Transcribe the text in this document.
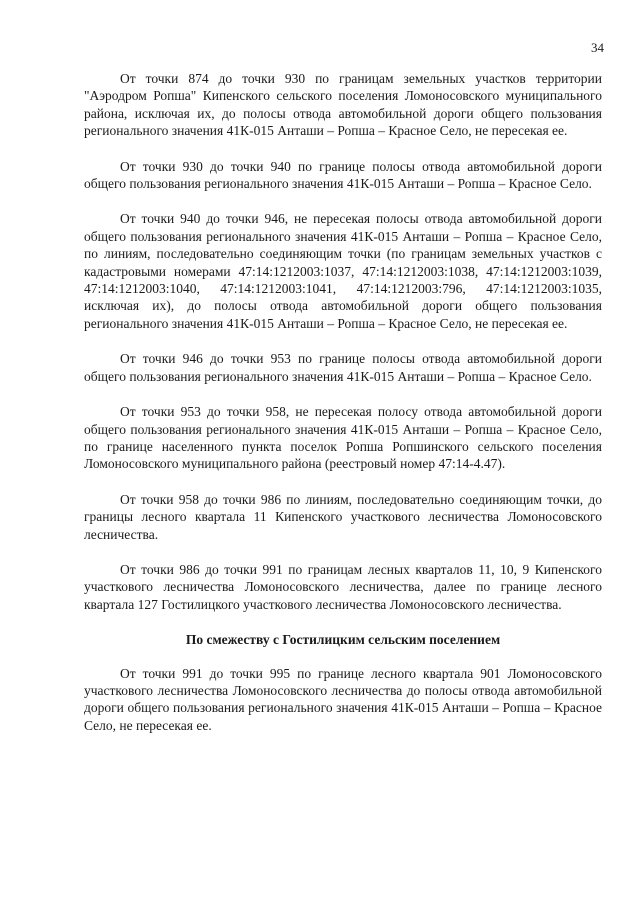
34

От точки 874 до точки 930 по границам земельных участков территории "Аэродром Ропша" Кипенского сельского поселения Ломоносовского муниципального района, исключая их, до полосы отвода автомобильной дороги общего пользования регионального значения 41К-015 Анташи – Ропша – Красное Село, не пересекая ее.

От точки 930 до точки 940 по границе полосы отвода автомобильной дороги общего пользования регионального значения 41К-015 Анташи – Ропша – Красное Село.

От точки 940 до точки 946, не пересекая полосы отвода автомобильной дороги общего пользования регионального значения 41К-015 Анташи – Ропша – Красное Село, по линиям, последовательно соединяющим точки (по границам земельных участков с кадастровыми номерами 47:14:1212003:1037, 47:14:1212003:1038, 47:14:1212003:1039, 47:14:1212003:1040, 47:14:1212003:1041, 47:14:1212003:796, 47:14:1212003:1035, исключая их), до полосы отвода автомобильной дороги общего пользования регионального значения 41К-015 Анташи – Ропша – Красное Село, не пересекая ее.

От точки 946 до точки 953 по границе полосы отвода автомобильной дороги общего пользования регионального значения 41К-015 Анташи – Ропша – Красное Село.

От точки 953 до точки 958, не пересекая полосу отвода автомобильной дороги общего пользования регионального значения 41К-015 Анташи – Ропша – Красное Село, по границе населенного пункта поселок Ропша Ропшинского сельского поселения Ломоносовского муниципального района (реестровый номер 47:14-4.47).

От точки 958 до точки 986 по линиям, последовательно соединяющим точки, до границы лесного квартала 11 Кипенского участкового лесничества Ломоносовского лесничества.

От точки 986 до точки 991 по границам лесных кварталов 11, 10, 9 Кипенского участкового лесничества Ломоносовского лесничества, далее по границе лесного квартала 127 Гостилицкого участкового лесничества Ломоносовского лесничества.

По смежеству с Гостилицким сельским поселением

От точки 991 до точки 995 по границе лесного квартала 901 Ломоносовского участкового лесничества Ломоносовского лесничества до полосы отвода автомобильной дороги общего пользования регионального значения 41К-015 Анташи – Ропша – Красное Село, не пересекая ее.
